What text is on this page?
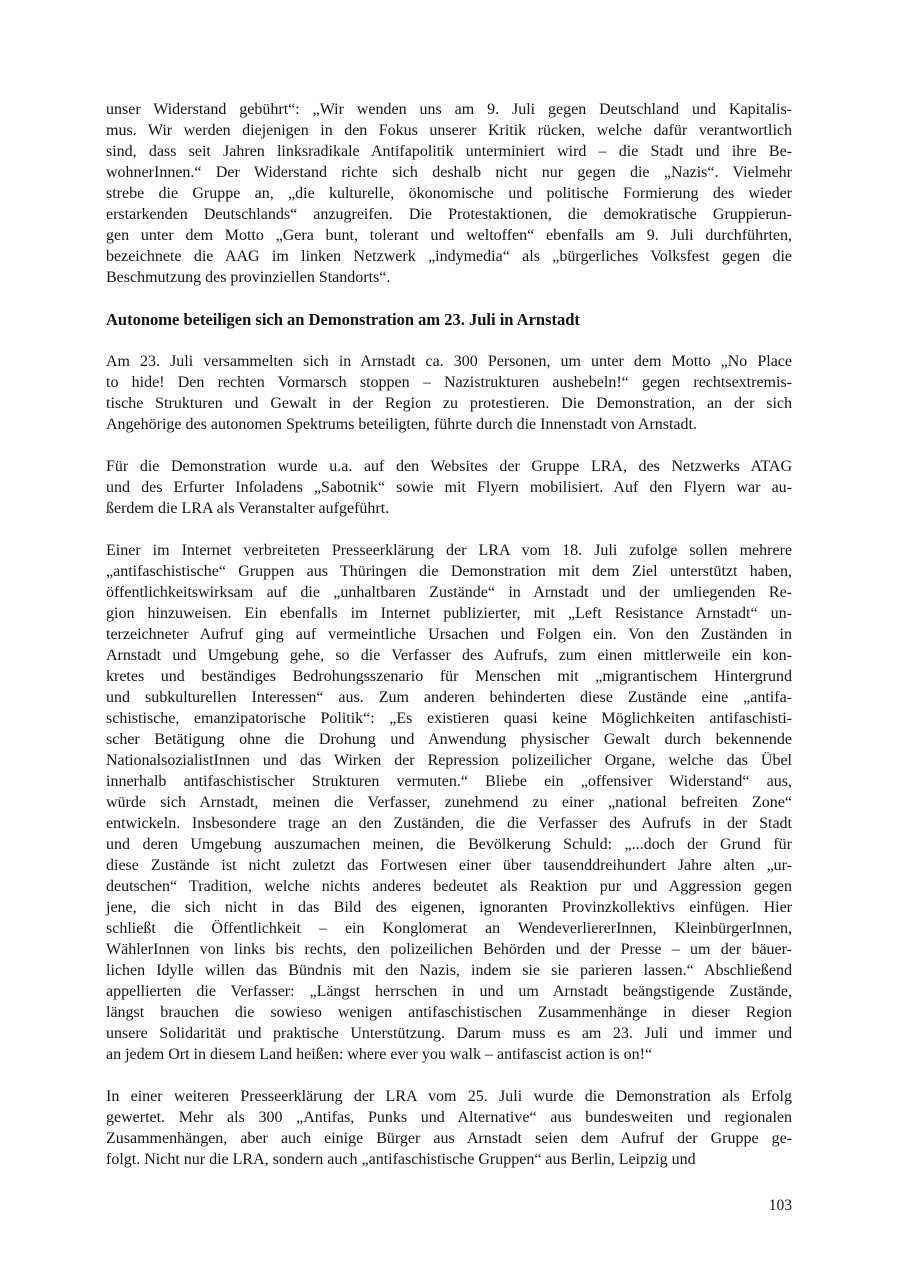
unser Widerstand gebührt“: „Wir wenden uns am 9. Juli gegen Deutschland und Kapitalis-
mus. Wir werden diejenigen in den Fokus unserer Kritik rücken, welche dafür verantwortlich
sind, dass seit Jahren linksradikale Antifapolitik unterminiert wird – die Stadt und ihre Be-
wohnerInnen.“ Der Widerstand richte sich deshalb nicht nur gegen die „Nazis“. Vielmehr
strebe die Gruppe an, „die kulturelle, ökonomische und politische Formierung des wieder
erstarkenden Deutschlands“ anzugreifen. Die Protestaktionen, die demokratische Gruppierun-
gen unter dem Motto „Gera bunt, tolerant und weltoffen“ ebenfalls am 9. Juli durchführten,
bezeichnete die AAG im linken Netzwerk „indymedia“ als „bürgerliches Volksfest gegen die
Beschmutzung des provinziellen Standorts“.
Autonome beteiligen sich an Demonstration am 23. Juli in Arnstadt
Am 23. Juli versammelten sich in Arnstadt ca. 300 Personen, um unter dem Motto „No Place
to hide! Den rechten Vormarsch stoppen – Nazistrukturen aushebeln!“ gegen rechtsextremis-
tische Strukturen und Gewalt in der Region zu protestieren. Die Demonstration, an der sich
Angehörige des autonomen Spektrums beteiligten, führte durch die Innenstadt von Arnstadt.
Für die Demonstration wurde u.a. auf den Websites der Gruppe LRA, des Netzwerks ATAG
und des Erfurter Infoladens „Sabotnik“ sowie mit Flyern mobilisiert. Auf den Flyern war au-
ßerdem die LRA als Veranstalter aufgeführt.
Einer im Internet verbreiteten Presseerklärung der LRA vom 18. Juli zufolge sollen mehrere
„antifaschistische“ Gruppen aus Thüringen die Demonstration mit dem Ziel unterstützt haben,
öffentlichkeitswirksam auf die „unhaltbaren Zustände“ in Arnstadt und der umliegenden Re-
gion hinzuweisen. Ein ebenfalls im Internet publizierter, mit „Left Resistance Arnstadt“ un-
terzeichneter Aufruf ging auf vermeintliche Ursachen und Folgen ein. Von den Zuständen in
Arnstadt und Umgebung gehe, so die Verfasser des Aufrufs, zum einen mittlerweile ein kon-
kretes und beständiges Bedrohungsszenario für Menschen mit „migrantischem Hintergrund
und subkulturellen Interessen“ aus. Zum anderen behinderten diese Zustände eine „antifa-
schistische, emanzipatorische Politik“: „Es existieren quasi keine Möglichkeiten antifaschisti-
scher Betätigung ohne die Drohung und Anwendung physischer Gewalt durch bekennende
NationalsozialistInnen und das Wirken der Repression polizeilicher Organe, welche das Übel
innerhalb antifaschistischer Strukturen vermuten.“ Bliebe ein „offensiver Widerstand“ aus,
würde sich Arnstadt, meinen die Verfasser, zunehmend zu einer „national befreiten Zone“
entwickeln. Insbesondere trage an den Zuständen, die die Verfasser des Aufrufs in der Stadt
und deren Umgebung auszumachen meinen, die Bevölkerung Schuld: „...doch der Grund für
diese Zustände ist nicht zuletzt das Fortwesen einer über tausenddreihundert Jahre alten „ur-
deutschen“ Tradition, welche nichts anderes bedeutet als Reaktion pur und Aggression gegen
jene, die sich nicht in das Bild des eigenen, ignoranten Provinzkollektivs einfügen. Hier
schließt die Öffentlichkeit – ein Konglomerat an WendeverliererInnen, KleinbürgerInnen,
WählerInnen von links bis rechts, den polizeilichen Behörden und der Presse – um der bäuer-
lichen Idylle willen das Bündnis mit den Nazis, indem sie sie parieren lassen.“ Abschließend
appellierten die Verfasser: „Längst herrschen in und um Arnstadt beängstigende Zustände,
längst brauchen die sowieso wenigen antifaschistischen Zusammenhänge in dieser Region
unsere Solidarität und praktische Unterstützung. Darum muss es am 23. Juli und immer und
an jedem Ort in diesem Land heißen: where ever you walk – antifascist action is on!“
In einer weiteren Presseerklärung der LRA vom 25. Juli wurde die Demonstration als Erfolg
gewertet. Mehr als 300 „Antifas, Punks und Alternative“ aus bundesweiten und regionalen
Zusammenhängen, aber auch einige Bürger aus Arnstadt seien dem Aufruf der Gruppe ge-
folgt. Nicht nur die LRA, sondern auch „antifaschistische Gruppen“ aus Berlin, Leipzig und
103
